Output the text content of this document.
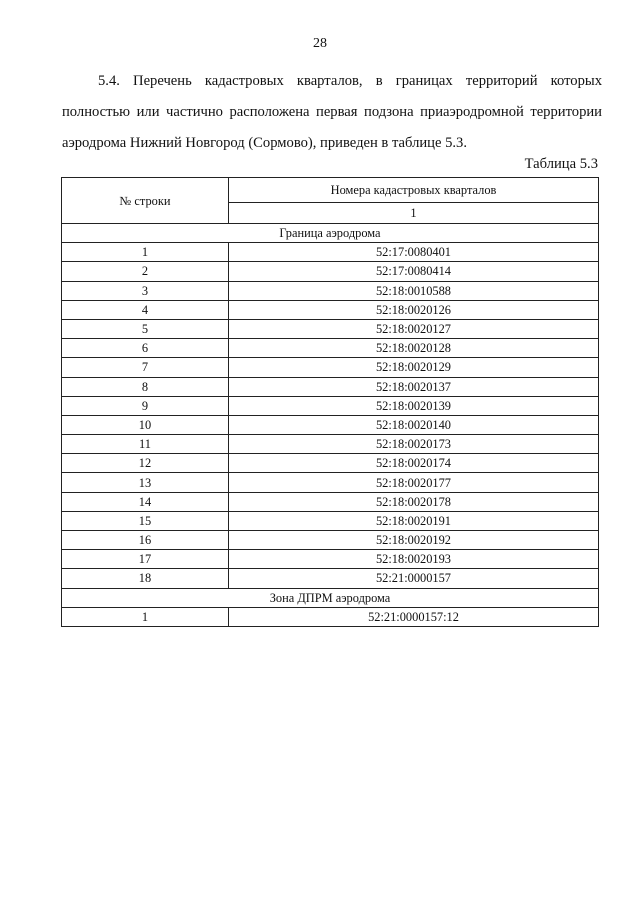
28

5.4. Перечень кадастровых кварталов, в границах территорий которых полностью или частично расположена первая подзона приаэродромной территории аэродрома Нижний Новгород (Сормово), приведен в таблице 5.3.

Таблица 5.3
№ строки	Номера кадастровых кварталов
	1
Граница аэродрома	
1	52:17:0080401
2	52:17:0080414
3	52:18:0010588
4	52:18:0020126
5	52:18:0020127
6	52:18:0020128
7	52:18:0020129
8	52:18:0020137
9	52:18:0020139
10	52:18:0020140
11	52:18:0020173
12	52:18:0020174
13	52:18:0020177
14	52:18:0020178
15	52:18:0020191
16	52:18:0020192
17	52:18:0020193
18	52:21:0000157
Зона ДПРМ аэродрома	
1	52:21:0000157:12
